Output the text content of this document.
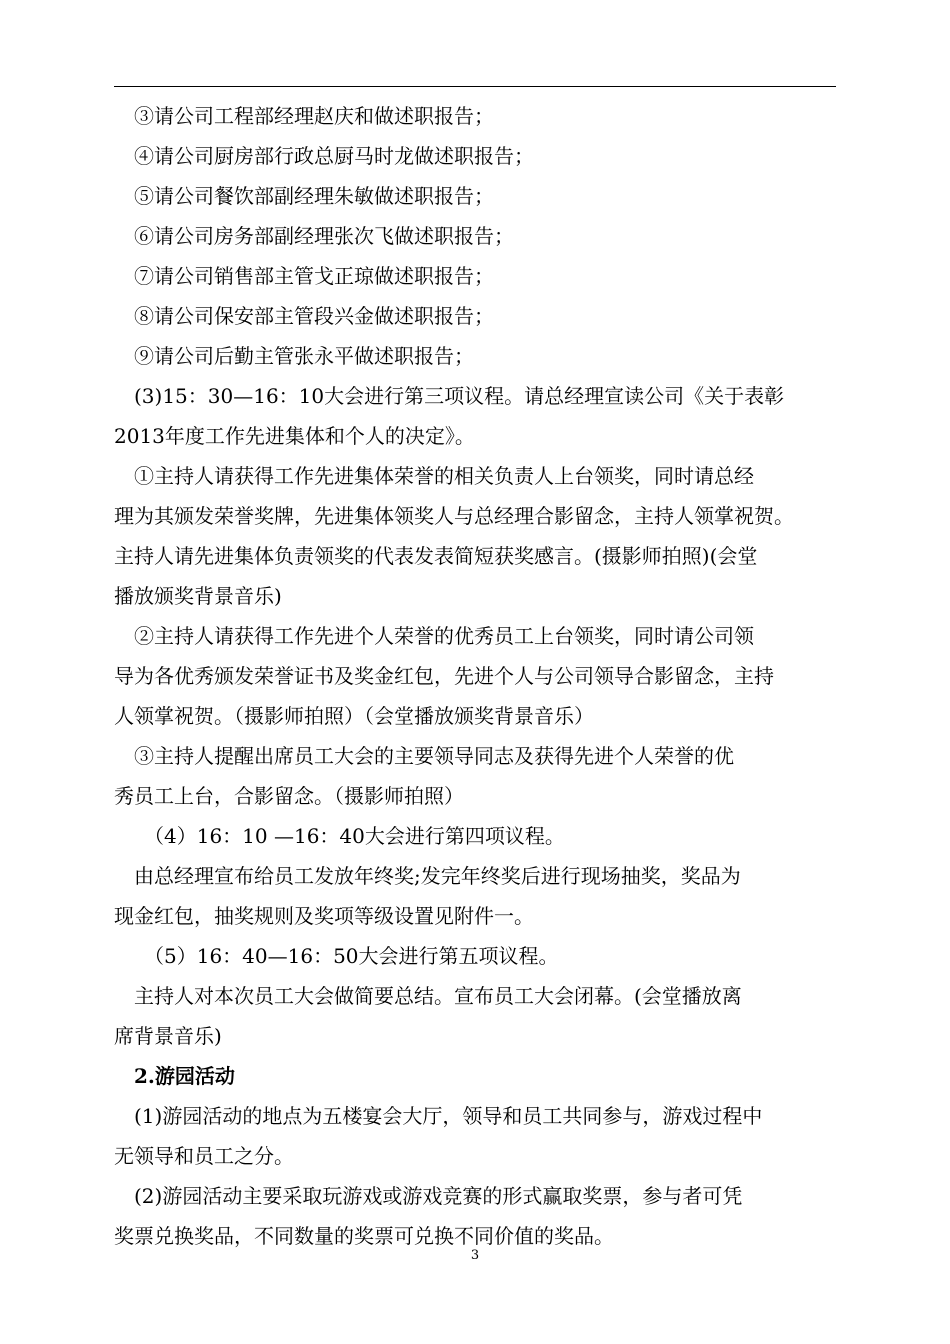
　③请公司工程部经理赵庆和做述职报告；
　④请公司厨房部行政总厨马时龙做述职报告；
　⑤请公司餐饮部副经理朱敏做述职报告；
　⑥请公司房务部副经理张次飞做述职报告；
　⑦请公司销售部主管戈正琼做述职报告；
　⑧请公司保安部主管段兴金做述职报告；
　⑨请公司后勤主管张永平做述职报告；
　(3)15：30—16：10大会进行第三项议程。请总经理宣读公司《关于表彰
2013年度工作先进集体和个人的决定》。
　①主持人请获得工作先进集体荣誉的相关负责人上台领奖，同时请总经
理为其颁发荣誉奖牌，先进集体领奖人与总经理合影留念，主持人领掌祝贺。
主持人请先进集体负责领奖的代表发表简短获奖感言。(摄影师拍照)(会堂
播放颁奖背景音乐)
　②主持人请获得工作先进个人荣誉的优秀员工上台领奖，同时请公司领
导为各优秀颁发荣誉证书及奖金红包，先进个人与公司领导合影留念，主持
人领掌祝贺。（摄影师拍照）（会堂播放颁奖背景音乐）
　③主持人提醒出席员工大会的主要领导同志及获得先进个人荣誉的优
秀员工上台，合影留念。（摄影师拍照）
　　（4）16：10 —16：40大会进行第四项议程。
　由总经理宣布给员工发放年终奖;发完年终奖后进行现场抽奖，奖品为
现金红包，抽奖规则及奖项等级设置见附件一。
　　（5）16：40—16：50大会进行第五项议程。
　主持人对本次员工大会做简要总结。宣布员工大会闭幕。(会堂播放离
席背景音乐)
　2.游园活动
　(1)游园活动的地点为五楼宴会大厅，领导和员工共同参与，游戏过程中
无领导和员工之分。
　(2)游园活动主要采取玩游戏或游戏竞赛的形式赢取奖票，参与者可凭
奖票兑换奖品，不同数量的奖票可兑换不同价值的奖品。
3
